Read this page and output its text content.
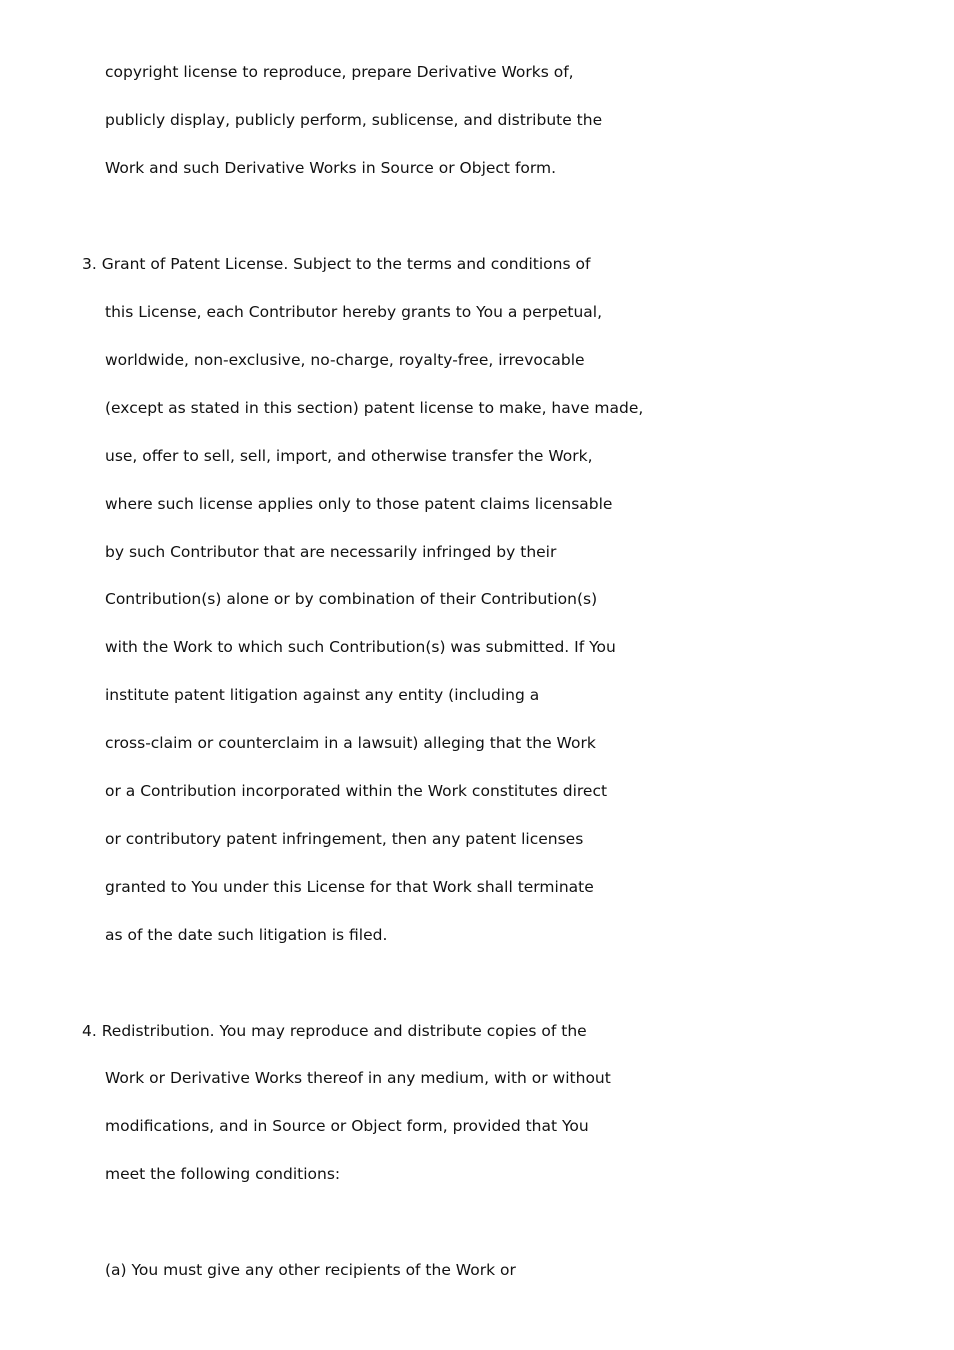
copyright license to reproduce, prepare Derivative Works of,
publicly display, publicly perform, sublicense, and distribute the
Work and such Derivative Works in Source or Object form.
3. Grant of Patent License. Subject to the terms and conditions of
this License, each Contributor hereby grants to You a perpetual,
worldwide, non-exclusive, no-charge, royalty-free, irrevocable
(except as stated in this section) patent license to make, have made,
use, offer to sell, sell, import, and otherwise transfer the Work,
where such license applies only to those patent claims licensable
by such Contributor that are necessarily infringed by their
Contribution(s) alone or by combination of their Contribution(s)
with the Work to which such Contribution(s) was submitted. If You
institute patent litigation against any entity (including a
cross-claim or counterclaim in a lawsuit) alleging that the Work
or a Contribution incorporated within the Work constitutes direct
or contributory patent infringement, then any patent licenses
granted to You under this License for that Work shall terminate
as of the date such litigation is filed.
4. Redistribution. You may reproduce and distribute copies of the
Work or Derivative Works thereof in any medium, with or without
modifications, and in Source or Object form, provided that You
meet the following conditions:
(a) You must give any other recipients of the Work or
